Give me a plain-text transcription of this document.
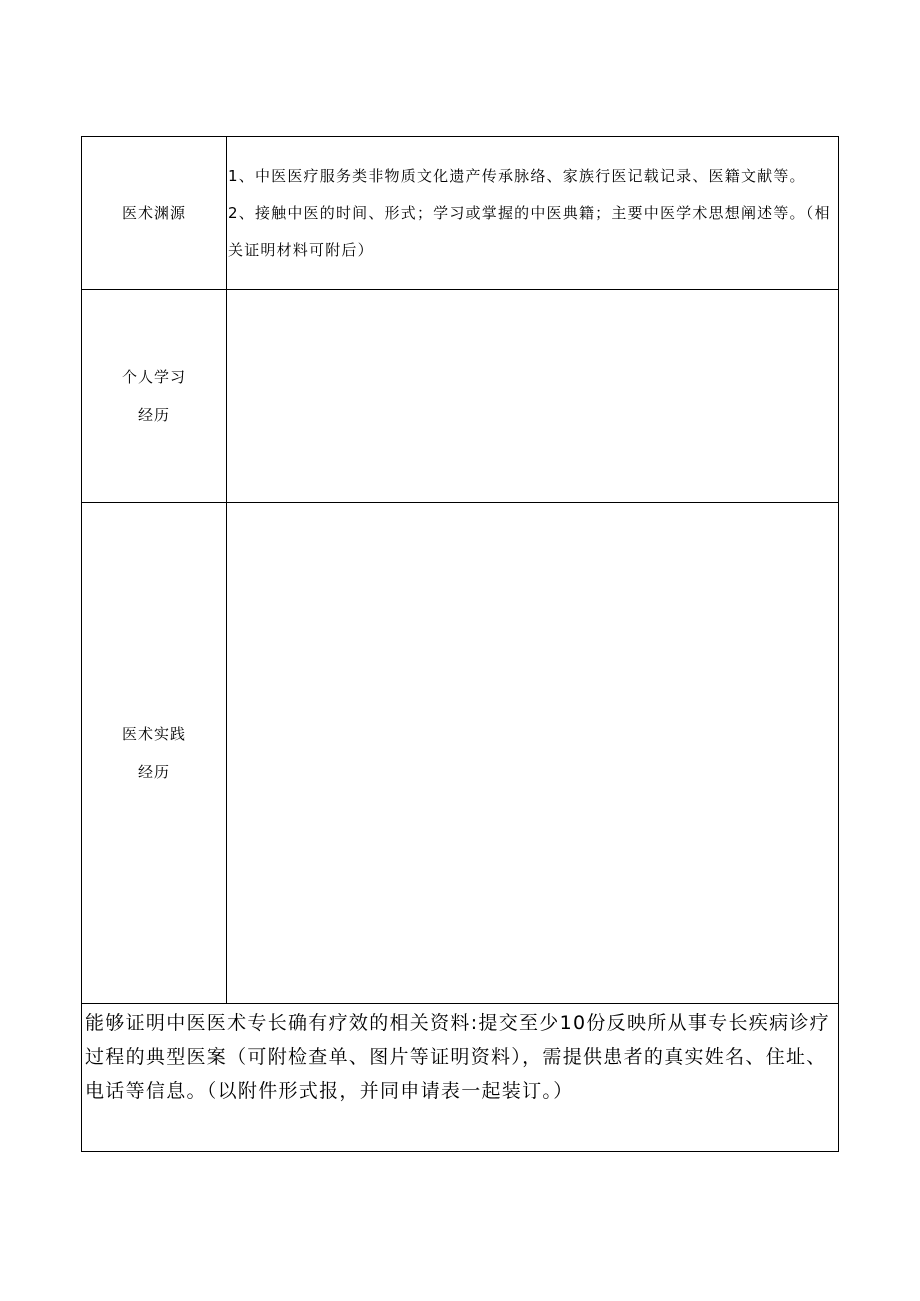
医术渊源	1、中医医疗服务类非物质文化遗产传承脉络、家族行医记载记录、医籍文献等。
2、接触中医的时间、形式；学习或掌握的中医典籍；主要中医学术思想阐述等。（相关证明材料可附后）

个人学习
经历	

医术实践
经历	

能够证明中医医术专长确有疗效的相关资料:提交至少10份反映所从事专长疾病诊疗过程的典型医案（可附检查单、图片等证明资料），需提供患者的真实姓名、住址、电话等信息。（以附件形式报，并同申请表一起装订。）	
